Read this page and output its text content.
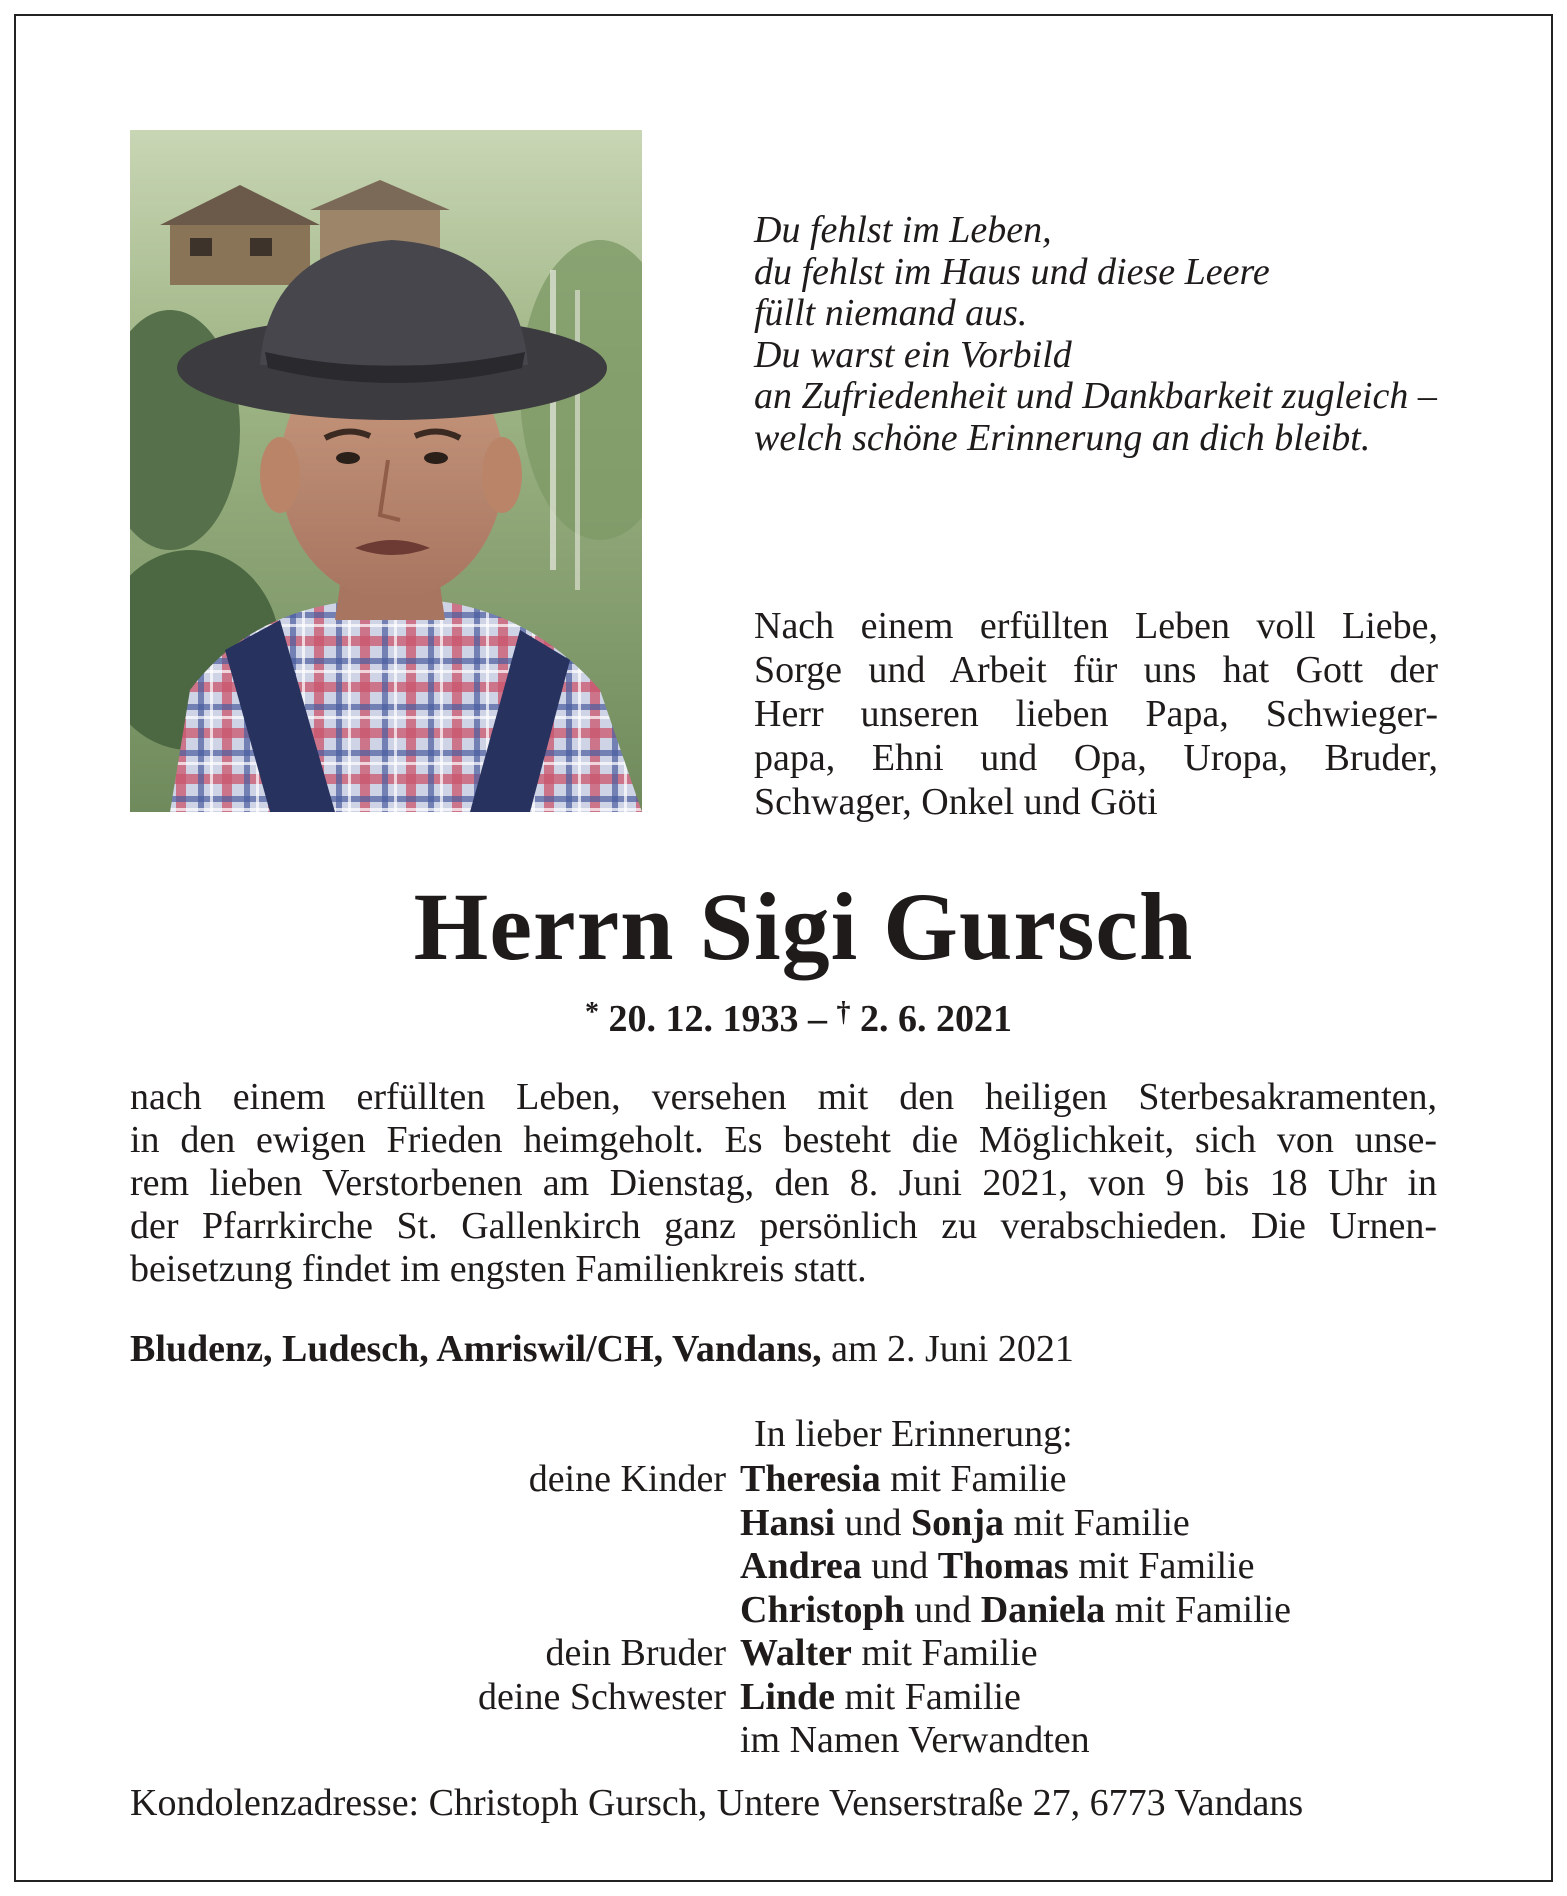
Du fehlst im Leben,
du fehlst im Haus und diese Leere
füllt niemand aus.
Du warst ein Vorbild
an Zufriedenheit und Dankbarkeit zugleich –
welch schöne Erinnerung an dich bleibt.
Nach einem erfüllten Leben voll Liebe,
Sorge und Arbeit für uns hat Gott der
Herr unseren lieben Papa, Schwieger-
papa, Ehni und Opa, Uropa, Bruder,
Schwager, Onkel und Göti
Herrn Sigi Gursch
* 20. 12. 1933 – † 2. 6. 2021
nach einem erfüllten Leben, versehen mit den heiligen Sterbesakramenten,
in den ewigen Frieden heimgeholt. Es besteht die Möglichkeit, sich von unse-
rem lieben Verstorbenen am Dienstag, den 8. Juni 2021, von 9 bis 18 Uhr in
der Pfarrkirche St. Gallenkirch ganz persönlich zu verabschieden. Die Urnen-
beisetzung findet im engsten Familienkreis statt.
Bludenz, Ludesch, Amriswil/CH, Vandans, am 2. Juni 2021
In lieber Erinnerung:
deine Kinder Theresia mit Familie
Hansi und Sonja mit Familie
Andrea und Thomas mit Familie
Christoph und Daniela mit Familie
dein Bruder Walter mit Familie
deine Schwester Linde mit Familie
im Namen Verwandten
Kondolenzadresse: Christoph Gursch, Untere Venserstraße 27, 6773 Vandans
